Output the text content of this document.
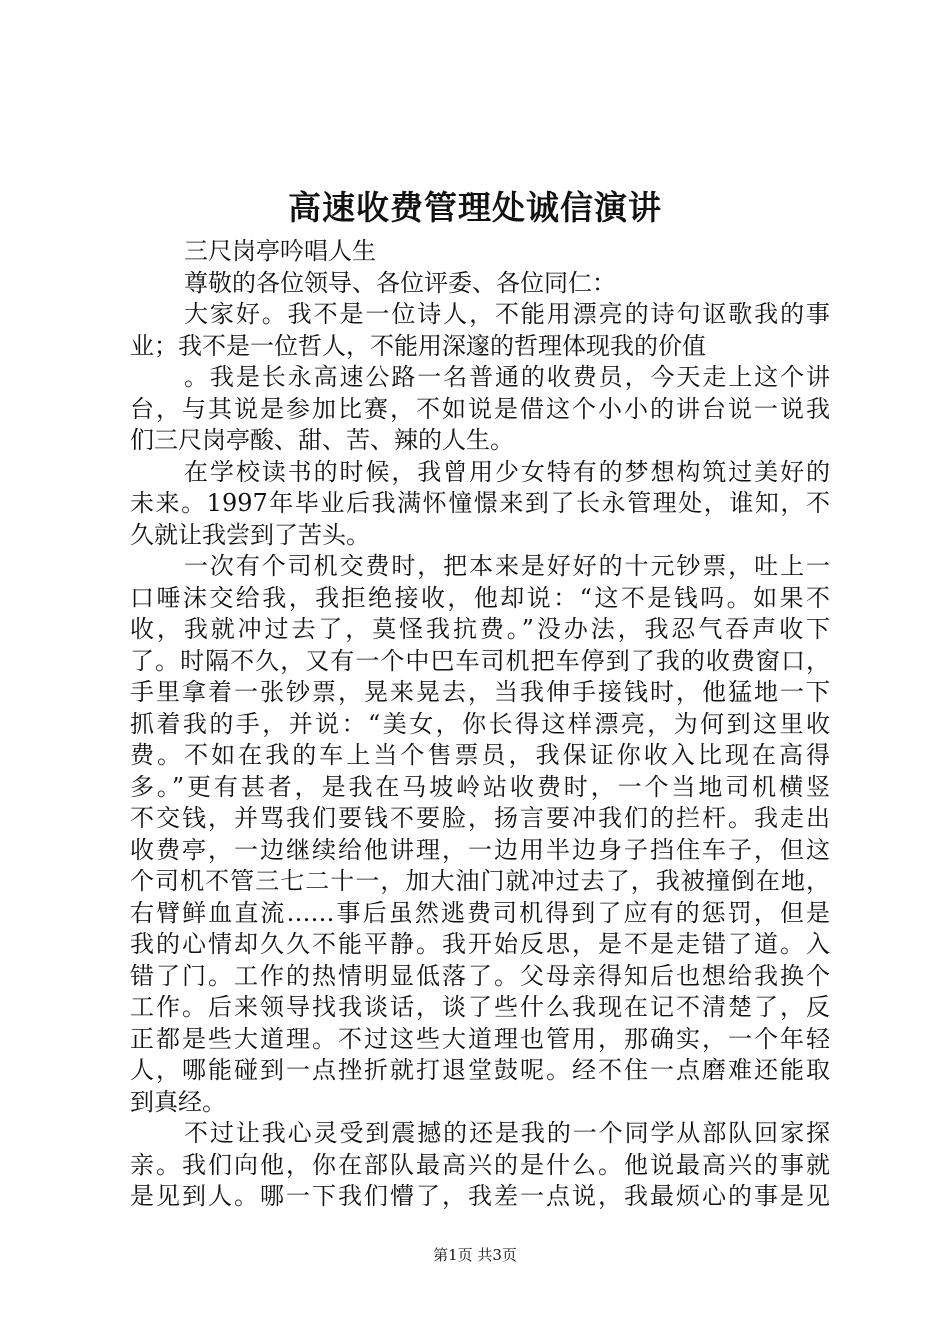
高速收费管理处诚信演讲
三尺岗亭吟唱人生
尊敬的各位领导、各位评委、各位同仁：
大家好。我不是一位诗人，不能用漂亮的诗句讴歌我的事
业；我不是一位哲人，不能用深邃的哲理体现我的价值
。我是长永高速公路一名普通的收费员，今天走上这个讲
台，与其说是参加比赛，不如说是借这个小小的讲台说一说我
们三尺岗亭酸、甜、苦、辣的人生。
在学校读书的时候，我曾用少女特有的梦想构筑过美好的
未来。1997年毕业后我满怀憧憬来到了长永管理处，谁知，不
久就让我尝到了苦头。
一次有个司机交费时，把本来是好好的十元钞票，吐上一
口唾沫交给我，我拒绝接收，他却说：“这不是钱吗。如果不
收，我就冲过去了，莫怪我抗费。”没办法，我忍气吞声收下
了。时隔不久，又有一个中巴车司机把车停到了我的收费窗口，
手里拿着一张钞票，晃来晃去，当我伸手接钱时，他猛地一下
抓着我的手，并说：“美女，你长得这样漂亮，为何到这里收
费。不如在我的车上当个售票员，我保证你收入比现在高得
多。”更有甚者，是我在马坡岭站收费时，一个当地司机横竖
不交钱，并骂我们要钱不要脸，扬言要冲我们的拦杆。我走出
收费亭，一边继续给他讲理，一边用半边身子挡住车子，但这
个司机不管三七二十一，加大油门就冲过去了，我被撞倒在地，
右臂鲜血直流……事后虽然逃费司机得到了应有的惩罚，但是
我的心情却久久不能平静。我开始反思，是不是走错了道。入
错了门。工作的热情明显低落了。父母亲得知后也想给我换个
工作。后来领导找我谈话，谈了些什么我现在记不清楚了，反
正都是些大道理。不过这些大道理也管用，那确实，一个年轻
人，哪能碰到一点挫折就打退堂鼓呢。经不住一点磨难还能取
到真经。
不过让我心灵受到震撼的还是我的一个同学从部队回家探
亲。我们向他，你在部队最高兴的是什么。他说最高兴的事就
是见到人。哪一下我们懵了，我差一点说，我最烦心的事是见
第1页 共3页
